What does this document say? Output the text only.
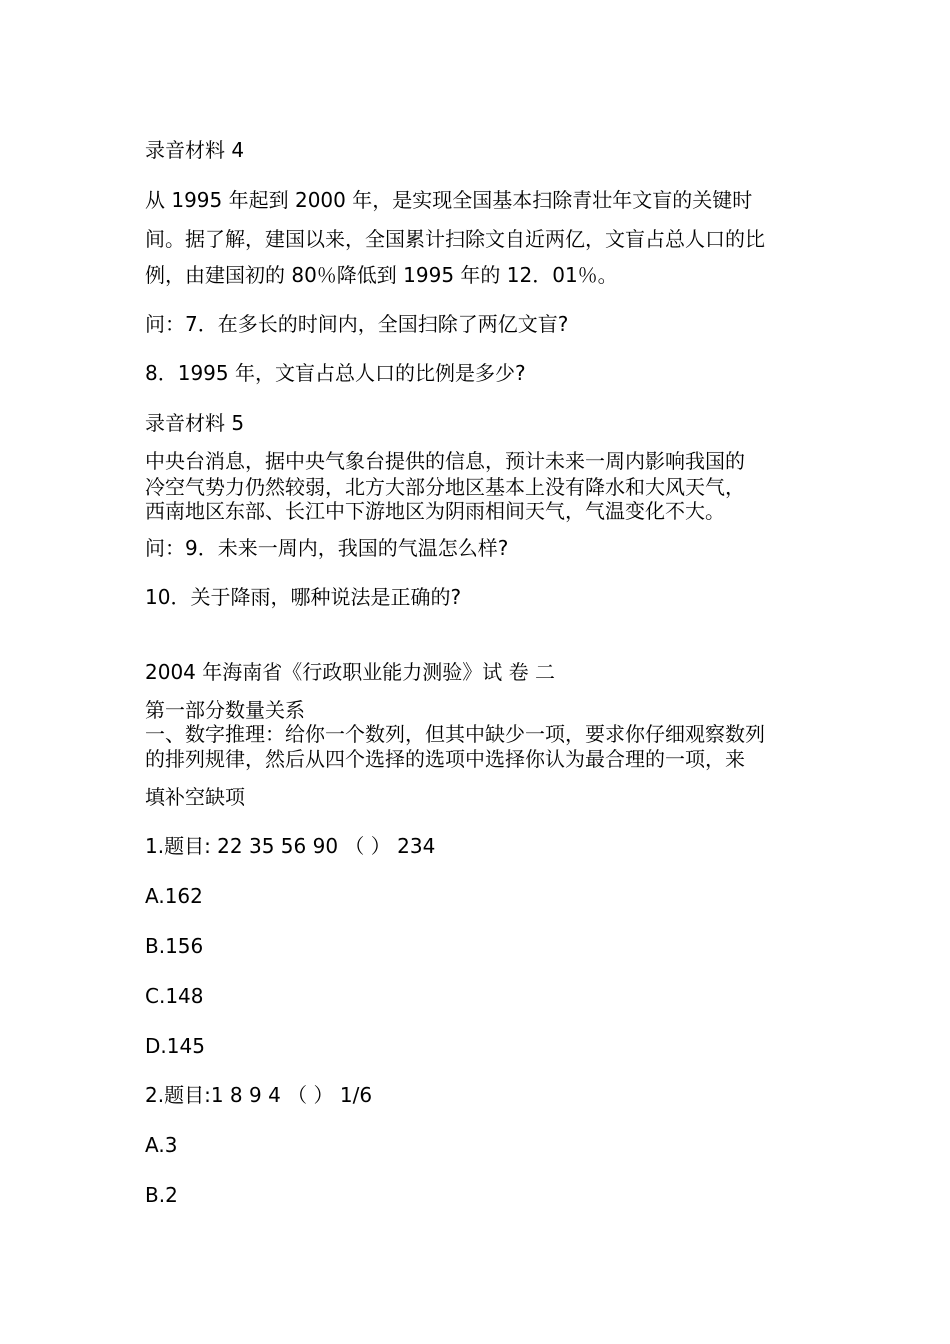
录音材料 4
从 1995 年起到 2000 年，是实现全国基本扫除青壮年文盲的关键时
间。据了解，建国以来，全国累计扫除文自近两亿，文盲占总人口的比
例，由建国初的 80％降低到 1995 年的 12．01％。
问：7．在多长的时间内，全国扫除了两亿文盲?
8．1995 年，文盲占总人口的比例是多少?
录音材料 5
中央台消息，据中央气象台提供的信息，预计未来一周内影响我国的
冷空气势力仍然较弱，北方大部分地区基本上没有降水和大风天气，
西南地区东部、长江中下游地区为阴雨相间天气，气温变化不大。
问：9．未来一周内，我国的气温怎么样?
10．关于降雨，哪种说法是正确的?
2004 年海南省《行政职业能力测验》试 卷 二
第一部分数量关系
一、数字推理：给你一个数列，但其中缺少一项，要求你仔细观察数列
的排列规律，然后从四个选择的选项中选择你认为最合理的一项，来
填补空缺项
1.题目: 22 35 56 90 （ ） 234
A.162
B.156
C.148
D.145
2.题目:1 8 9 4 （ ） 1/6
A.3
B.2
